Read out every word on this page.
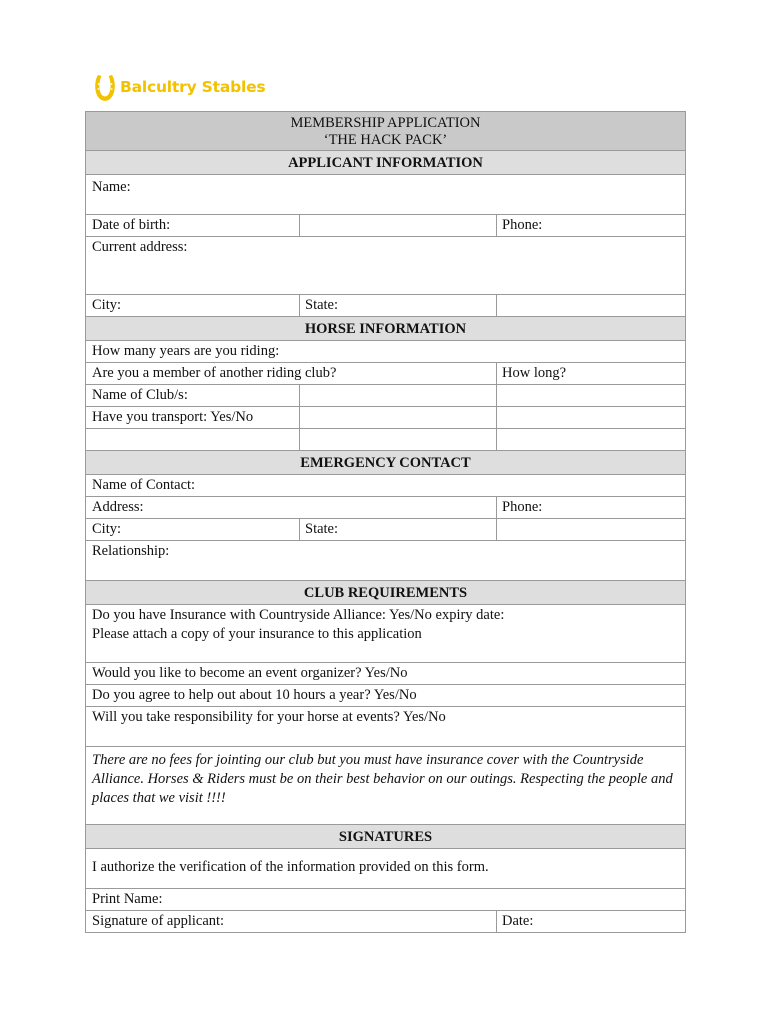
Balcultry Stables
MEMBERSHIP APPLICATION
‘THE HACK PACK’
APPLICANT INFORMATION
Name:
Date of birth:	Phone:
Current address:
City:	State:
HORSE INFORMATION
How many years are you riding:
Are you a member of another riding club?	How long?
Name of Club/s:
Have you transport: Yes/No
EMERGENCY CONTACT
Name of Contact:
Address:	Phone:
City:	State:
Relationship:
CLUB REQUIREMENTS
Do you have Insurance with Countryside Alliance: Yes/No expiry date:
Please attach a copy of your insurance to this application
Would you like to become an event organizer? Yes/No
Do you agree to help out about 10 hours a year? Yes/No
Will you take responsibility for your horse at events? Yes/No
There are no fees for jointing our club but you must have insurance cover with the Countryside Alliance. Horses & Riders must be on their best behavior on our outings. Respecting the people and places that we visit !!!!
SIGNATURES
I authorize the verification of the information provided on this form.
Print Name:
Signature of applicant:	Date:
